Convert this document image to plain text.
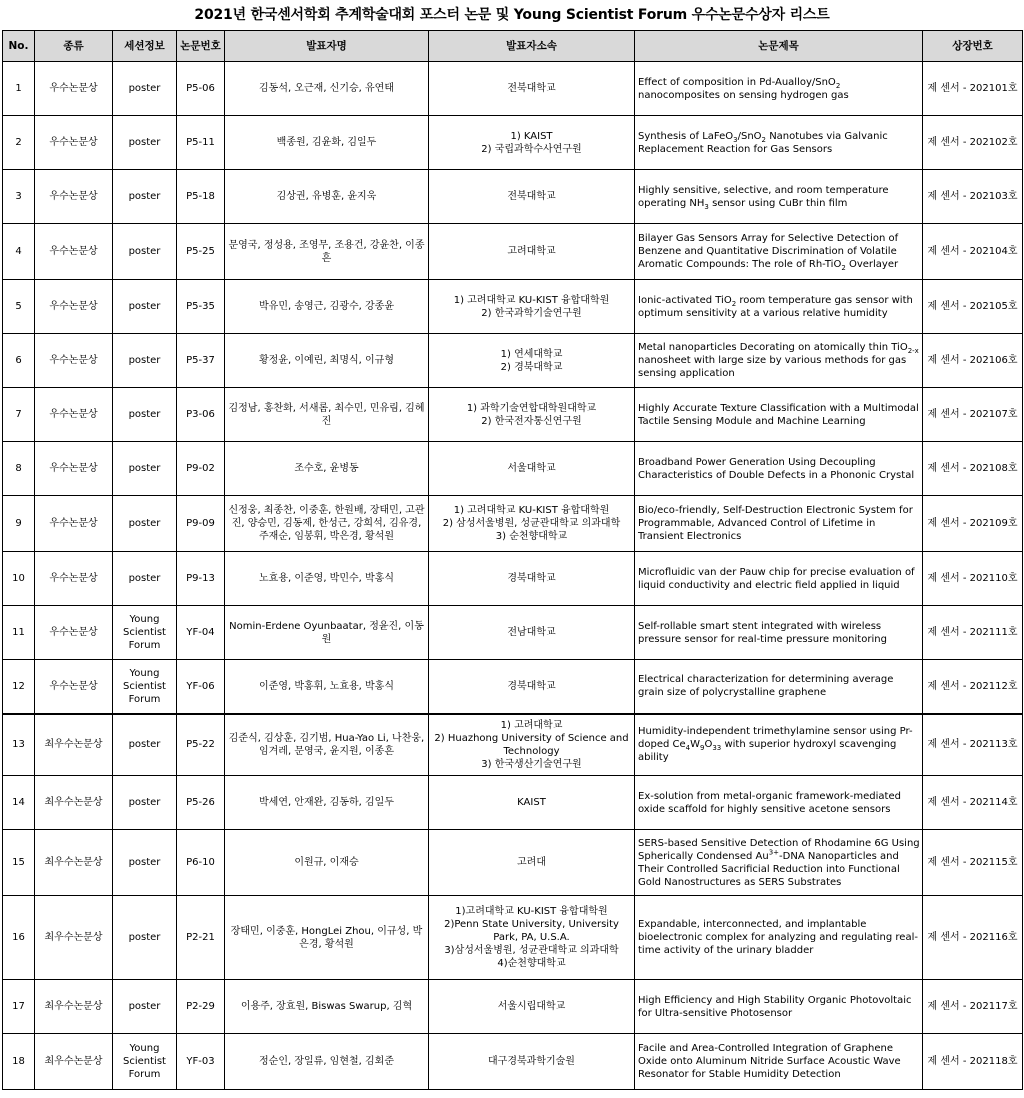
2021년 한국센서학회 추계학술대회 포스터 논문 및 Young Scientist Forum 우수논문수상자 리스트
No.	종류	세션정보	논문번호	발표자명	발표자소속	논문제목	상장번호
1	우수논문상	poster	P5-06	김동석, 오근재, 신기승, 유연태	전북대학교	Effect of composition in Pd-Aualloy/SnO$_2$ nanocomposites on sensing hydrogen gas	제 센서 - 202101호
2	우수논문상	poster	P5-11	백종원, 김윤화, 김일두	1) KAIST
2) 국립과학수사연구원	Synthesis of LaFeO$_3$/SnO$_2$ Nanotubes via Galvanic Replacement Reaction for Gas Sensors	제 센서 - 202102호
3	우수논문상	poster	P5-18	김상권, 유병훈, 윤지욱	전북대학교	Highly sensitive, selective, and room temperature operating $NH_3$ sensor using CuBr thin film	제 센서 - 202103호
4	우수논문상	poster	P5-25	문영국, 정성용, 조영무, 조용건, 강윤찬, 이종흔	고려대학교	Bilayer Gas Sensors Array for Selective Detection of Benzene and Quantitative Discrimination of Volatile Aromatic Compounds: The role of Rh-TiO$_2$ Overlayer	제 센서 - 202104호
5	우수논문상	poster	P5-35	박유민, 송영근, 김광수, 강종윤	1) 고려대학교 KU-KIST 융합대학원
2) 한국과학기술연구원	Ionic-activated TiO$_2$ room temperature gas sensor with optimum sensitivity at a various relative humidity	제 센서 - 202105호
6	우수논문상	poster	P5-37	황정윤, 이예린, 최명식, 이규형	1) 연세대학교
2) 경북대학교	Metal nanoparticles Decorating on atomically thin TiO$_{2-x}$ nanosheet with large size by various methods for gas sensing application	제 센서 - 202106호
7	우수논문상	poster	P3-06	김정남, 홍찬화, 서새롬, 최수민, 민유림, 김혜진	1) 과학기술연합대학원대학교
2) 한국전자통신연구원	Highly Accurate Texture Classification with a Multimodal Tactile Sensing Module and Machine Learning	제 센서 - 202107호
8	우수논문상	poster	P9-02	조수호, 윤병동	서울대학교	Broadband Power Generation Using Decoupling Characteristics of Double Defects in a Phononic Crystal	제 센서 - 202108호
9	우수논문상	poster	P9-09	신정웅, 최종찬, 이중훈, 한원배, 장태민, 고관진, 양승민, 김동제, 한성근, 강희석, 김유경, 주재순, 임봉휘, 박은경, 황석원	1) 고려대학교 KU-KIST 융합대학원
2) 삼성서울병원, 성균관대학교 의과대학
3) 순천향대학교	Bio/eco-friendly, Self-Destruction Electronic System for Programmable, Advanced Control of Lifetime in Transient Electronics	제 센서 - 202109호
10	우수논문상	poster	P9-13	노효용, 이준영, 박민수, 박홍식	경북대학교	Microfluidic van der Pauw chip for precise evaluation of liquid conductivity and electric field applied in liquid	제 센서 - 202110호
11	우수논문상	Young Scientist Forum	YF-04	Nomin-Erdene Oyunbaatar, 정윤진, 이동원	전남대학교	Self-rollable smart stent integrated with wireless pressure sensor for real-time pressure monitoring	제 센서 - 202111호
12	우수논문상	Young Scientist Forum	YF-06	이준영, 박홍휘, 노효용, 박홍식	경북대학교	Electrical characterization for determining average grain size of polycrystalline graphene	제 센서 - 202112호
13	최우수논문상	poster	P5-22	김준식, 김상훈, 김기범, Hua-Yao Li, 나찬웅, 임겨레, 문영국, 윤지원, 이종흔	1) 고려대학교
2) Huazhong University of Science and Technology
3) 한국생산기술연구원	Humidity-independent trimethylamine sensor using Pr-doped $Ce_4W_9O_{33}$ with superior hydroxyl scavenging ability	제 센서 - 202113호
14	최우수논문상	poster	P5-26	박세연, 안재완, 김동하, 김일두	KAIST	Ex-solution from metal-organic framework-mediated oxide scaffold for highly sensitive acetone sensors	제 센서 - 202114호
15	최우수논문상	poster	P6-10	이원규, 이재승	고려대	SERS-based Sensitive Detection of Rhodamine 6G Using Spherically Condensed $Au^{3+}$-DNA Nanoparticles and Their Controlled Sacrificial Reduction into Functional Gold Nanostructures as SERS Substrates	제 센서 - 202115호
16	최우수논문상	poster	P2-21	장태민, 이중훈, HongLei Zhou, 이규성, 박은경, 황석원	1)고려대학교 KU-KIST 융합대학원
2)Penn State University, University Park, PA, U.S.A.
3)삼성서울병원, 성균관대학교 의과대학
4)순천향대학교	Expandable, interconnected, and implantable bioelectronic complex for analyzing and regulating real-time activity of the urinary bladder	제 센서 - 202116호
17	최우수논문상	poster	P2-29	이용주, 장효원, Biswas Swarup, 김혁	서울시립대학교	High Efficiency and High Stability Organic Photovoltaic for Ultra-sensitive Photosensor	제 센서 - 202117호
18	최우수논문상	Young Scientist Forum	YF-03	정순인, 장일류, 임현철, 김회준	대구경북과학기술원	Facile and Area-Controlled Integration of Graphene Oxide onto Aluminum Nitride Surface Acoustic Wave Resonator for Stable Humidity Detection	제 센서 - 202118호
